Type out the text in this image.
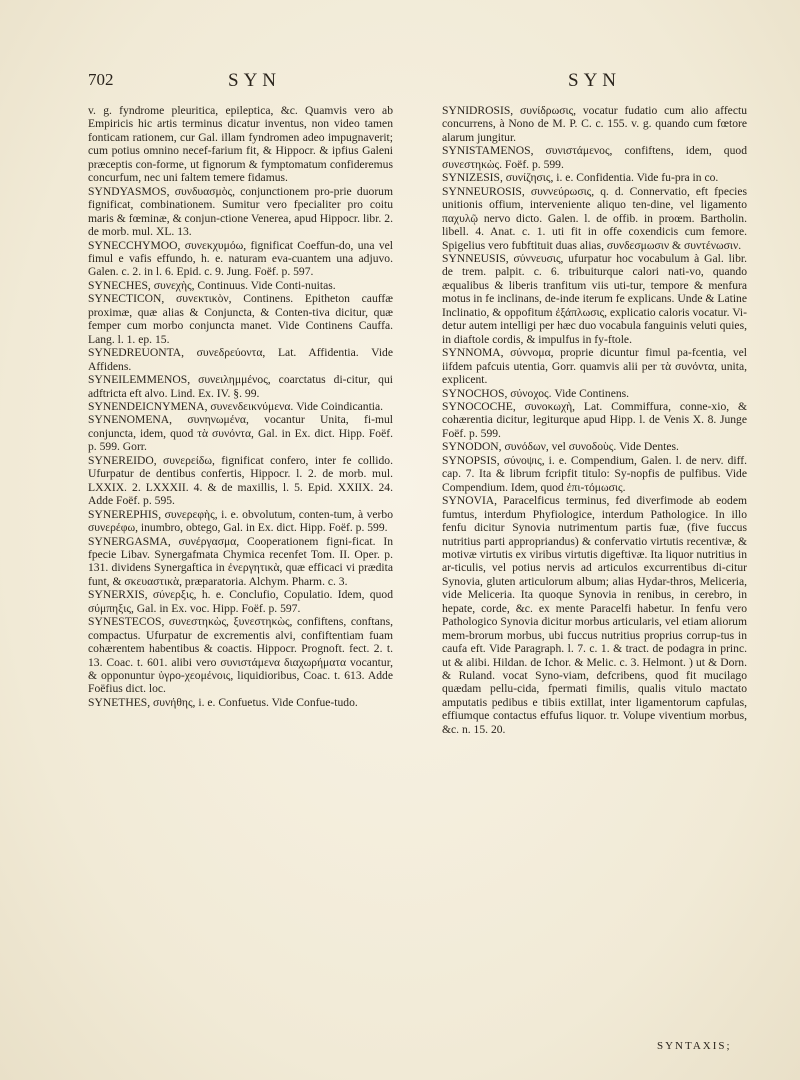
702	SYN	SYN

v. g. fyndrome pleuritica, epileptica, &c. Quamvis vero ab Empiricis hic artis terminus dicatur inventus, non video tamen fonticam rationem, cur Gal. illam fyndromen adeo impugnaverit; cum potius omnino necef-farium fit, & Hippocr. & ipfius Galeni præceptis con-forme, ut fignorum & fymptomatum confideremus concurfum, nec uni faltem temere fidamus.

SYNDYASMOS, συνδυασμὸς, conjunctionem pro-prie duorum fignificat, combinationem. Sumitur vero fpecialiter pro coitu maris & fœminæ, & conjun-ctione Venerea, apud Hippocr. libr. 2. de morb. mul. XL. 13.

SYNECCHYMOO, συνεκχυμόω, fignificat Coeffun-do, una vel fimul e vafis effundo, h. e. naturam eva-cuantem una adjuvo. Galen. c. 2. in l. 6. Epid. c. 9. Jung. Foëf. p. 597.

SYNECHES, συνεχὴς, Continuus. Vide Conti-nuitas.

SYNECTICON, συνεκτικὸν, Continens. Epitheton cauffæ proximæ, quæ alias & Conjuncta, & Conten-tiva dicitur, quæ femper cum morbo conjuncta manet. Vide Continens Cauffa. Lang. l. 1. ep. 15.

SYNEDREUONTA, συνεδρεύοντα, Lat. Affidentia. Vide Affidens.

SYNEILEMMENOS, συνειλημμένος, coarctatus di-citur, qui adftricta eft alvo. Lind. Ex. IV. §. 99.

SYNENDEICNYMENA, συνενδεικνύμενα. Vide Coindicantia.

SYNENOMENA, συνηνωμένα, vocantur Unita, fi-mul conjuncta, idem, quod τὰ συνόντα, Gal. in Ex. dict. Hipp. Foëf. p. 599. Gorr.

SYNEREIDO, συνερείδω, fignificat confero, inter fe collido. Ufurpatur de dentibus confertis, Hippocr. l. 2. de morb. mul. LXXIX. 2. LXXXII. 4. & de maxillis, l. 5. Epid. XXIIX. 24. Adde Foëf. p. 595.

SYNEREPHIS, συνερεφὴς, i. e. obvolutum, conten-tum, à verbo συνερέφω, inumbro, obtego, Gal. in Ex. dict. Hipp. Foëf. p. 599.

SYNERGASMA, συνέργασμα, Cooperationem figni-ficat. In fpecie Libav. Synergafmata Chymica recenfet Tom. II. Oper. p. 131. dividens Synergaftica in ἐνεργητικὰ, quæ efficaci vi prædita funt, & σκευαστικὰ, præparatoria. Alchym. Pharm. c. 3.

SYNERXIS, σύνερξις, h. e. Conclufio, Copulatio. Idem, quod σύμπηξις, Gal. in Ex. voc. Hipp. Foëf. p. 597.

SYNESTECOS, συνεστηκὼς, ξυνεστηκὼς, confiftens, conftans, compactus. Ufurpatur de excrementis alvi, confiftentiam fuam cohærentem habentibus & coactis. Hippocr. Prognoft. fect. 2. t. 13. Coac. t. 601. alibi vero συνιστάμενα διαχωρήματα vocantur, & opponuntur ὑγρο-χεομένοις, liquidioribus, Coac. t. 613. Adde Foëfius dict. loc.

SYNETHES, συνήθης, i. e. Confuetus. Vide Confue-tudo.

SYNIDROSIS, συνίδρωσις, vocatur fudatio cum alio affectu concurrens, à Nono de M. P. C. c. 155. v. g. quando cum fœtore alarum jungitur.

SYNISTAMENOS, συνιστάμενος, confiftens, idem, quod συνεστηκὼς. Foëf. p. 599.

SYNIZESIS, συνίζησις, i. e. Confidentia. Vide fu-pra in co.

SYNNEUROSIS, συννεύρωσις, q. d. Connervatio, eft fpecies unitionis offium, interveniente aliquo ten-dine, vel ligamento παχυλῷ nervo dicto. Galen. l. de offib. in proœm. Bartholin. libell. 4. Anat. c. 1. uti fit in offe coxendicis cum femore. Spigelius vero fubftituit duas alias, συνδεσμωσιν & συντένωσιν.

SYNNEUSIS, σύννευσις, ufurpatur hoc vocabulum à Gal. libr. de trem. palpit. c. 6. tribuiturque calori nati-vo, quando æqualibus & liberis tranfitum viis uti-tur, tempore & menfura motus in fe inclinans, de-inde iterum fe explicans. Unde & Latine Inclinatio, & oppofitum ἐξάπλωσις, explicatio caloris vocatur. Vi-detur autem intelligi per hæc duo vocabula fanguinis veluti quies, in diaftole cordis, & impulfus in fy-ftole.

SYNNOMA, σύννομα, proprie dicuntur fimul pa-fcentia, vel iifdem pafcuis utentia, Gorr. quamvis alii per τὰ συνόντα, unita, explicent.

SYNOCHOS, σύνοχος. Vide Continens.

SYNOCOCHE, συνοκωχὴ, Lat. Commiffura, conne-xio, & cohærentia dicitur, legiturque apud Hipp. l. de Venis X. 8. Junge Foëf. p. 599.

SYNODON, συνόδων, vel συνοδοὺς. Vide Dentes.

SYNOPSIS, σύνοψις, i. e. Compendium, Galen. l. de nerv. diff. cap. 7. Ita & librum fcripfit titulo: Sy-nopfis de pulfibus. Vide Compendium. Idem, quod ἐπι-τόμωσις.

SYNOVIA, Paracelficus terminus, fed diverfimode ab eodem fumtus, interdum Phyfiologice, interdum Pathologice. In illo fenfu dicitur Synovia nutrimentum partis fuæ, (five fuccus nutritius parti appropriandus) & confervatio virtutis recentivæ, & motivæ virtutis ex viribus virtutis digeftivæ. Ita liquor nutritius in ar-ticulis, vel potius nervis ad articulos excurrentibus di-citur Synovia, gluten articulorum album; alias Hydar-thros, Meliceria, vide Meliceria. Ita quoque Synovia in renibus, in cerebro, in hepate, corde, &c. ex mente Paracelfi habetur. In fenfu vero Pathologico Synovia dicitur morbus articularis, vel etiam aliorum mem-brorum morbus, ubi fuccus nutritius proprius corrup-tus in caufa eft. Vide Paragraph. l. 7. c. 1. & tract. de podagra in princ. ut & alibi. Hildan. de Ichor. & Melic. c. 3. Helmont. ) ut & Dorn. & Ruland. vocat Syno-viam, defcribens, quod fit mucilago quædam pellu-cida, fpermati fimilis, qualis vitulo mactato amputatis pedibus e tibiis extillat, inter ligamentorum capfulas, effiumque contactus effufus liquor. tr. Volupe viventium morbus, &c. n. 15. 20.

SYNTAXIS;
